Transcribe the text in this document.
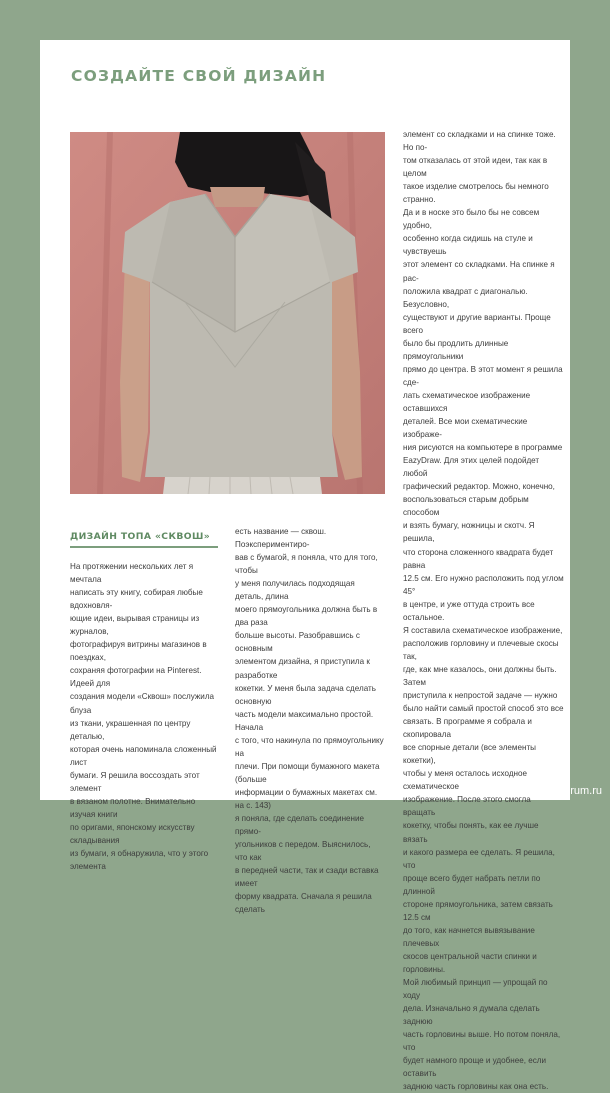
СОЗДАЙТЕ СВОЙ ДИЗАЙН

элемент со складками и на спинке тоже. Но по-

том отказалась от этой идеи, так как в целом

такое изделие смотрелось бы немного странно.

Да и в носке это было бы не совсем удобно,

особенно когда сидишь на стуле и чувствуешь

этот элемент со складками. На спинке я рас-

положила квадрат с диагональю. Безусловно,

существуют и другие варианты. Проще всего

было бы продлить длинные прямоугольники

прямо до центра. В этот момент я решила сде-

лать схематическое изображение оставшихся

деталей. Все мои схематические изображе-

ния рисуются на компьютере в программе

EazyDraw. Для этих целей подойдет любой

графический редактор. Можно, конечно,

воспользоваться старым добрым способом

и взять бумагу, ножницы и скотч. Я решила,

что сторона сложенного квадрата будет равна

12.5 см. Его нужно расположить под углом 45°

в центре, и уже оттуда строить все остальное.

Я составила схематическое изображение,

расположив горловину и плечевые скосы так,

где, как мне казалось, они должны быть. Затем

приступила к непростой задаче — нужно

было найти самый простой способ это все

связать. В программе я собрала и скопировала

все спорные детали (все элементы кокетки),

чтобы у меня осталось исходное схематическое

изображение. После этого смогла вращать

кокетку, чтобы понять, как ее лучше вязать

и какого размера ее сделать. Я решила, что

проще всего будет набрать петли по длинной

стороне прямоугольника, затем связать 12.5 см

до того, как начнется вывязывание плечевых

скосов центральной части спинки и горловины.

Мой любимый принцип — упрощай по ходу

дела. Изначально я думала сделать заднюю

часть горловины выше. Но потом поняла, что

будет намного проще и удобнее, если оставить

заднюю часть горловины как она есть.

ДИЗАЙН ТОПА «СКВОШ»

На протяжении нескольких лет я мечтала

написать эту книгу, собирая любые вдохновля-

ющие идеи, вырывая страницы из журналов,

фотографируя витрины магазинов в поездках,

сохраняя фотографии на Pinterest. Идеей для

создания модели «Сквош» послужила блуза

из ткани, украшенная по центру деталью,

которая очень напоминала сложенный лист

бумаги. Я решила воссоздать этот элемент

в вязаном полотне. Внимательно изучая книги

по оригами, японскому искусству складывания

из бумаги, я обнаружила, что у этого элемента

есть название — сквош. Поэкспериментиро-

вав с бумагой, я поняла, что для того, чтобы

у меня получилась подходящая деталь, длина

моего прямоугольника должна быть в два раза

больше высоты. Разобравшись с основным

элементом дизайна, я приступила к разработке

кокетки. У меня была задача сделать основную

часть модели максимально простой. Начала

с того, что накинула по прямоугольнику на

плечи. При помощи бумажного макета (больше

информации о бумажных макетах см. на с. 143)

я поняла, где сделать соединение прямо-

угольников с передом. Выяснилось, что как

в передней части, так и сзади вставка имеет

форму квадрата. Сначала я решила сделать

PassionForum.ru
